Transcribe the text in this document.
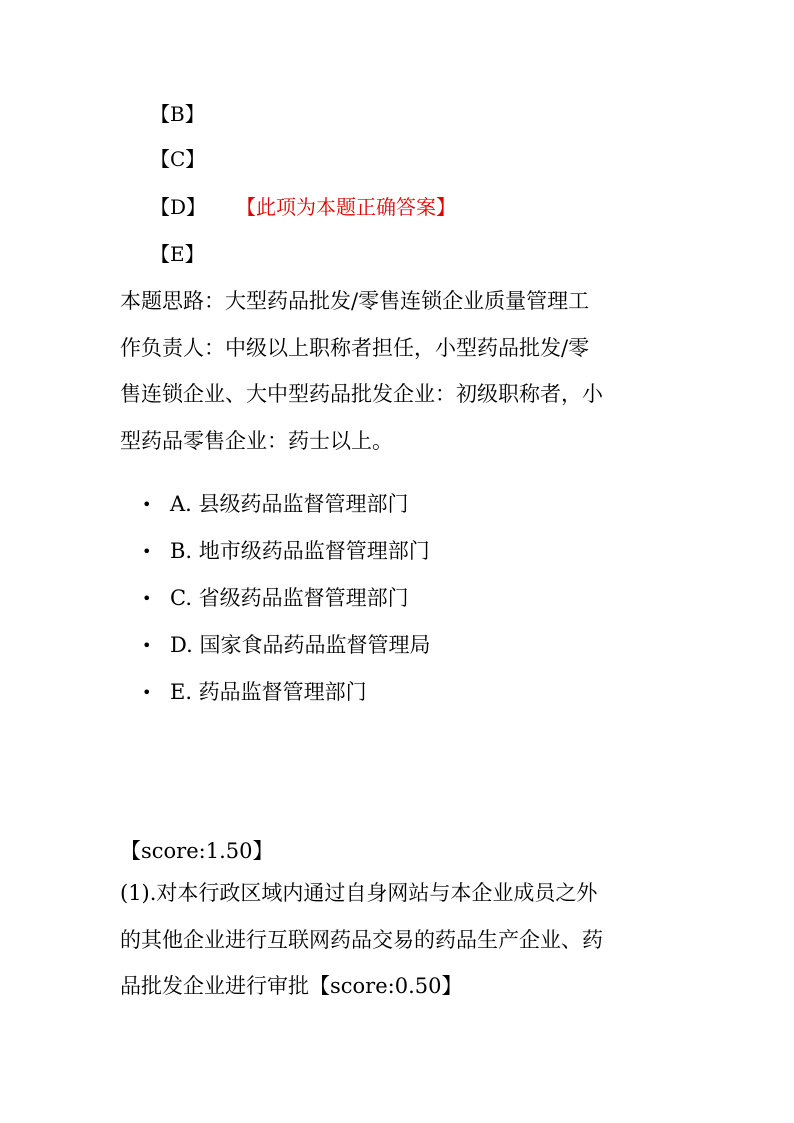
【B】
【C】
【D】 【此项为本题正确答案】
【E】
本题思路：大型药品批发/零售连锁企业质量管理工
作负责人：中级以上职称者担任，小型药品批发/零
售连锁企业、大中型药品批发企业：初级职称者，小
型药品零售企业：药士以上。
• A. 县级药品监督管理部门
• B. 地市级药品监督管理部门
• C. 省级药品监督管理部门
• D. 国家食品药品监督管理局
• E. 药品监督管理部门
【score:1.50】
(1).对本行政区域内通过自身网站与本企业成员之外
的其他企业进行互联网药品交易的药品生产企业、药
品批发企业进行审批【score:0.50】
